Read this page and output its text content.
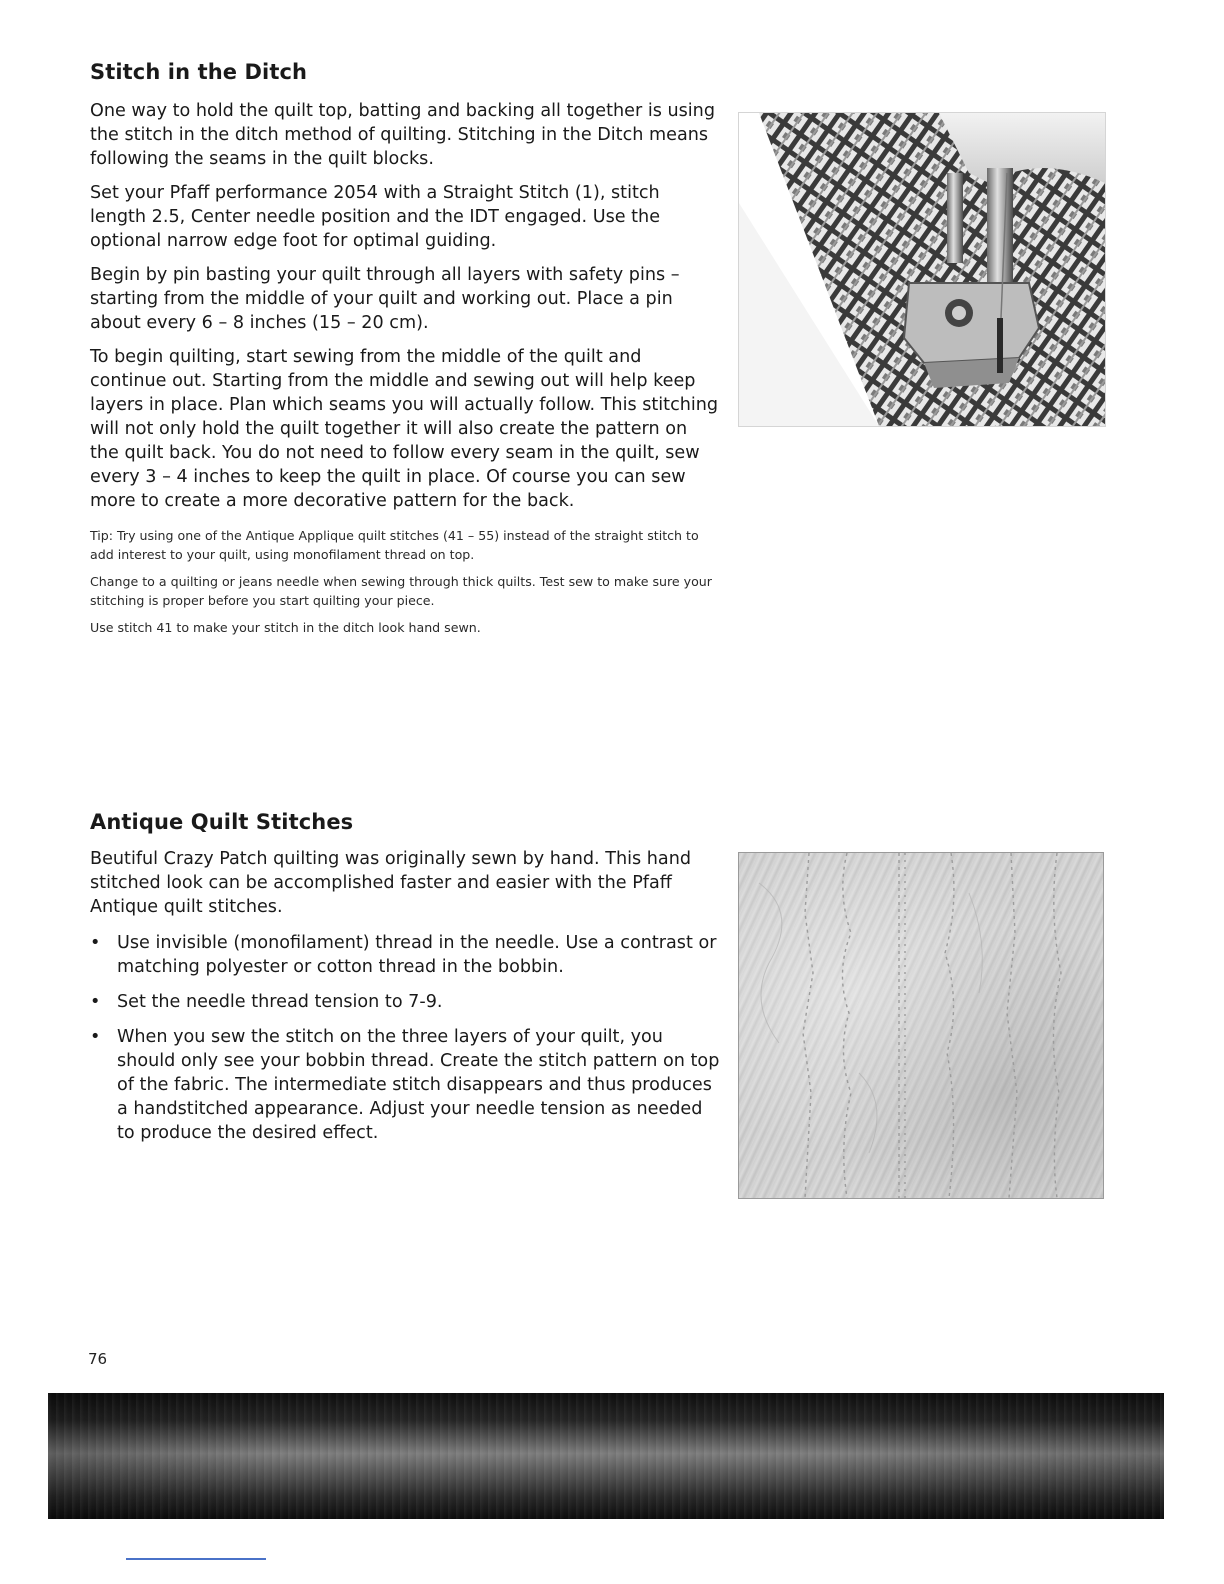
Stitch in the Ditch

One way to hold the quilt top, batting and backing all together is using the stitch in the ditch method of quilting. Stitching in the Ditch means following the seams in the quilt blocks.

Set your Pfaff performance 2054 with a Straight Stitch (1), stitch length 2.5, Center needle position and the IDT engaged. Use the optional narrow edge foot for optimal guiding.

Begin by pin basting your quilt through all layers with safety pins – starting from the middle of your quilt and working out. Place a pin about every 6 – 8 inches (15 – 20 cm).

To begin quilting, start sewing from the middle of the quilt and continue out. Starting from the middle and sewing out will help keep layers in place. Plan which seams you will actually follow. This stitching will not only hold the quilt together it will also create the pattern on the quilt back. You do not need to follow every seam in the quilt, sew every 3 – 4 inches to keep the quilt in place. Of course you can sew more to create a more decorative pattern for the back.

Tip: Try using one of the Antique Applique quilt stitches (41 – 55) instead of the straight stitch to add interest to your quilt, using monofilament thread on top.

Change to a quilting or jeans needle when sewing through thick quilts. Test sew to make sure your stitching is proper before you start quilting your piece.

Use stitch 41 to make your stitch in the ditch look hand sewn.

Antique Quilt Stitches

Beutiful Crazy Patch quilting was originally sewn by hand. This hand stitched look can be accomplished faster and easier with the Pfaff Antique quilt stitches.

• Use invisible (monofilament) thread in the needle. Use a contrast or matching polyester or cotton thread in the bobbin.
• Set the needle thread tension to 7-9.
• When you sew the stitch on the three layers of your quilt, you should only see your bobbin thread. Create the stitch pattern on top of the fabric. The intermediate stitch disappears and thus produces a handstitched appearance. Adjust your needle tension as needed to produce the desired effect.
76
